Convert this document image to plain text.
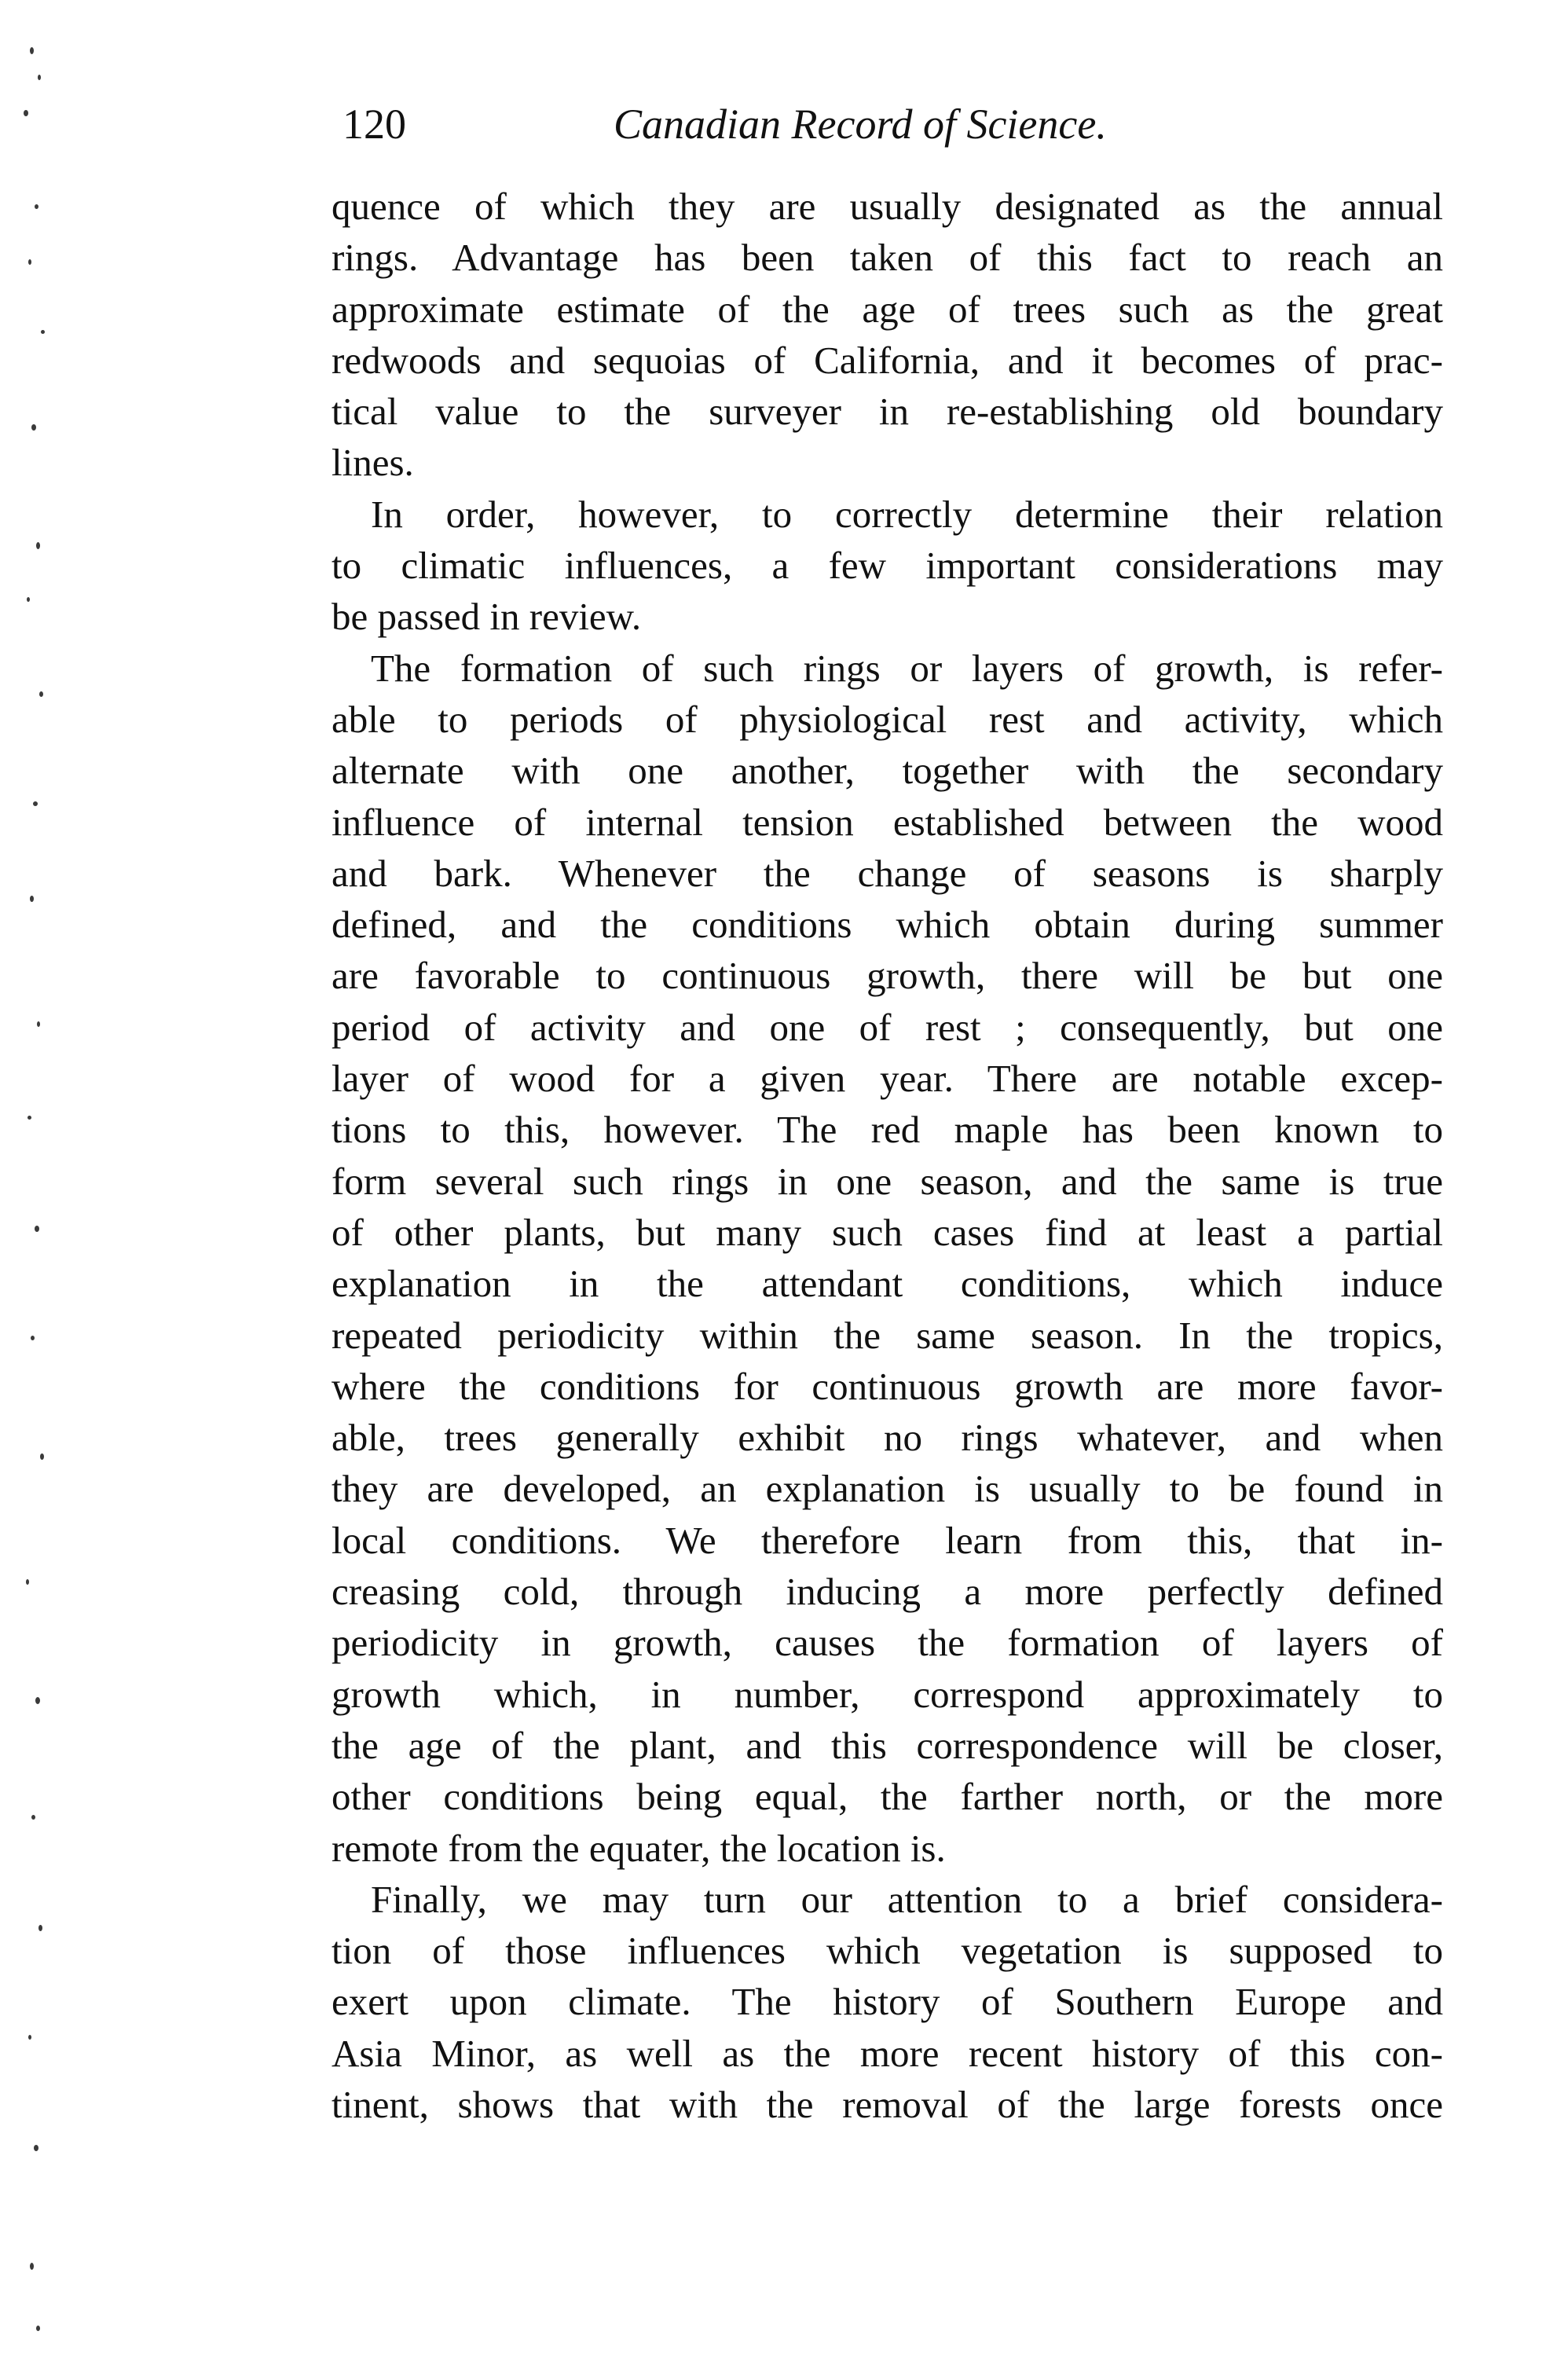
120	Canadian Record of Science.
quence of which they are usually designated as the annual
rings. Advantage has been taken of this fact to reach an
approximate estimate of the age of trees such as the great
redwoods and sequoias of California, and it becomes of prac-
tical value to the surveyer in re-establishing old boundary
lines.
In order, however, to correctly determine their relation
to climatic influences, a few important considerations may
be passed in review.
The formation of such rings or layers of growth, is refer-
able to periods of physiological rest and activity, which
alternate with one another, together with the secondary
influence of internal tension established between the wood
and bark. Whenever the change of seasons is sharply
defined, and the conditions which obtain during summer
are favorable to continuous growth, there will be but one
period of activity and one of rest ; consequently, but one
layer of wood for a given year. There are notable excep-
tions to this, however. The red maple has been known to
form several such rings in one season, and the same is true
of other plants, but many such cases find at least a partial
explanation in the attendant conditions, which induce
repeated periodicity within the same season. In the tropics,
where the conditions for continuous growth are more favor-
able, trees generally exhibit no rings whatever, and when
they are developed, an explanation is usually to be found in
local conditions. We therefore learn from this, that in-
creasing cold, through inducing a more perfectly defined
periodicity in growth, causes the formation of layers of
growth which, in number, correspond approximately to
the age of the plant, and this correspondence will be closer,
other conditions being equal, the farther north, or the more
remote from the equater, the location is.
Finally, we may turn our attention to a brief considera-
tion of those influences which vegetation is supposed to
exert upon climate. The history of Southern Europe and
Asia Minor, as well as the more recent history of this con-
tinent, shows that with the removal of the large forests once
